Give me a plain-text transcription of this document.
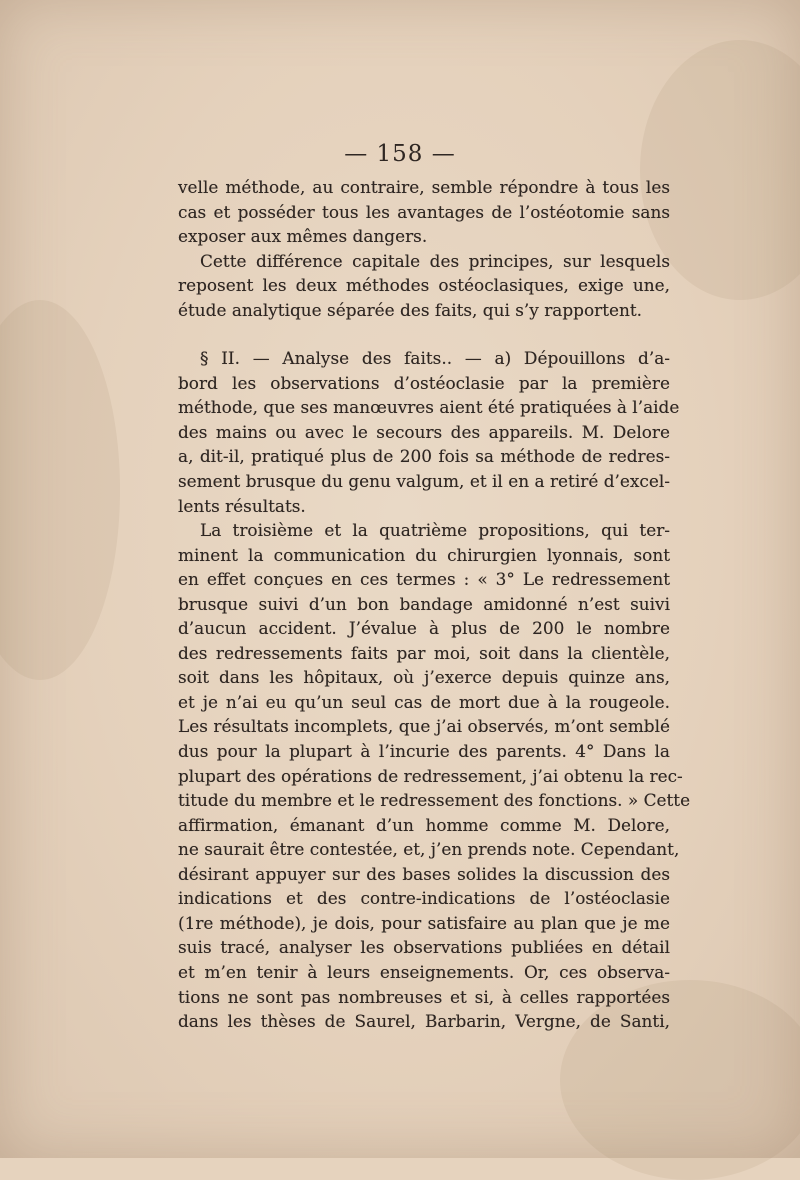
— 158 —
velle méthode, au contraire, semble répondre à tous les
cas et posséder tous les avantages de l’ostéotomie sans
exposer aux mêmes dangers.
Cette différence capitale des principes, sur lesquels
reposent les deux méthodes ostéoclasiques, exige une,
étude analytique séparée des faits, qui s’y rapportent.
§ II. — Analyse des faits.. — a) Dépouillons d’a-
bord les observations d’ostéoclasie par la première
méthode, que ses manœuvres aient été pratiquées à l’aide
des mains ou avec le secours des appareils. M. Delore
a, dit-il, pratiqué plus de 200 fois sa méthode de redres-
sement brusque du genu valgum, et il en a retiré d’excel-
lents résultats.
La troisième et la quatrième propositions, qui ter-
minent la communication du chirurgien lyonnais, sont
en effet conçues en ces termes : « 3° Le redressement
brusque suivi d’un bon bandage amidonné n’est suivi
d’aucun accident. J’évalue à plus de 200 le nombre
des redressements faits par moi, soit dans la clientèle,
soit dans les hôpitaux, où j’exerce depuis quinze ans,
et je n’ai eu qu’un seul cas de mort due à la rougeole.
Les résultats incomplets, que j’ai observés, m’ont semblé
dus pour la plupart à l’incurie des parents. 4° Dans la
plupart des opérations de redressement, j’ai obtenu la rec-
titude du membre et le redressement des fonctions. » Cette
affirmation, émanant d’un homme comme M. Delore,
ne saurait être contestée, et, j’en prends note. Cependant,
désirant appuyer sur des bases solides la discussion des
indications et des contre-indications de l’ostéoclasie
(1re méthode), je dois, pour satisfaire au plan que je me
suis tracé, analyser les observations publiées en détail
et m’en tenir à leurs enseignements. Or, ces observa-
tions ne sont pas nombreuses et si, à celles rapportées
dans les thèses de Saurel, Barbarin, Vergne, de Santi,
